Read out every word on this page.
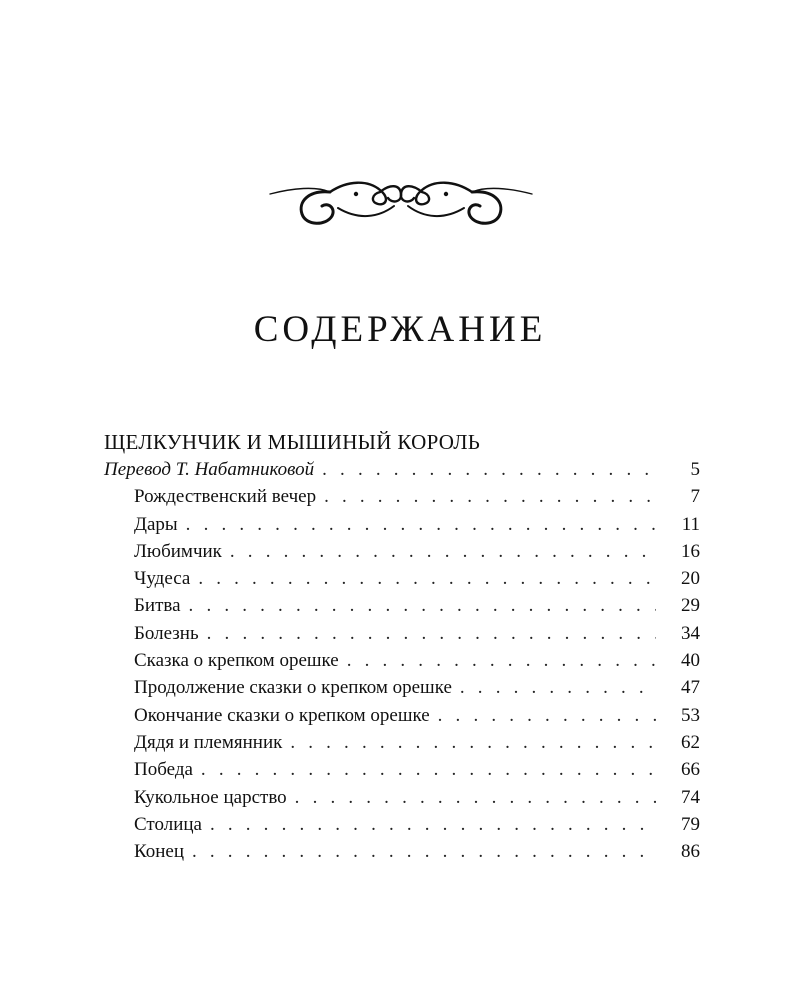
СОДЕРЖАНИЕ
ЩЕЛКУНЧИК И МЫШИНЫЙ КОРОЛЬ
Перевод Т. Набатниковой . . .	5
Рождественский вечер . . .	7
Дары . . .	11
Любимчик . . .	16
Чудеса . . .	20
Битва . . .	29
Болезнь . . .	34
Сказка о крепком орешке . . .	40
Продолжение сказки о крепком орешке . . .	47
Окончание сказки о крепком орешке . . .	53
Дядя и племянник . . .	62
Победа . . .	66
Кукольное царство . . .	74
Столица . . .	79
Конец . . .	86
